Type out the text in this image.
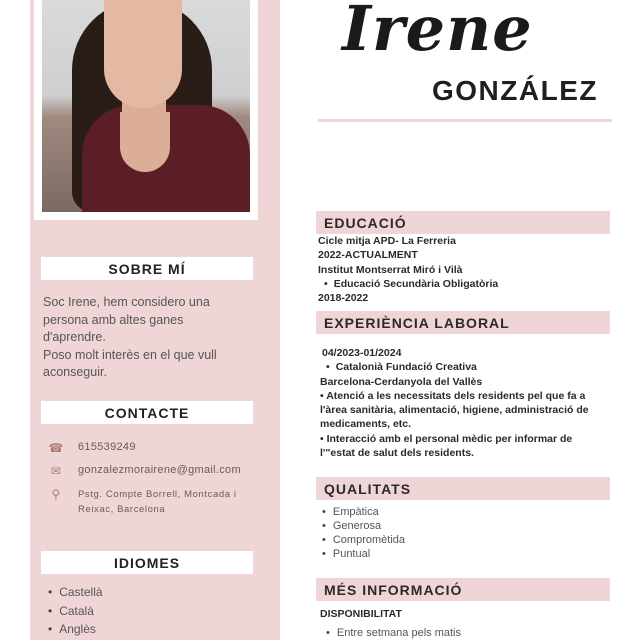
SOBRE MÍ
Soc Irene, hem considero una
persona amb altes ganes
d'aprendre.
Poso molt interès en el que vull
aconseguir.
CONTACTE
☎ 615539249
✉ gonzalezmorairene@gmail.com
⚲	Pstg. Compte Borrell, Montcada i
Reixac, Barcelona
IDIOMES
• Castellà
• Català
• Anglès
Irene
GONZÁLEZ
EDUCACIÓ
Cicle mitja APD- La Ferreria
2022-ACTUALMENT
Institut Montserrat Miró i Vilà
• Educació Secundària Obligatòria
2018-2022
EXPERIÈNCIA LABORAL
04/2023-01/2024
• Catalonià Fundació Creativa
Barcelona-Cerdanyola del Vallès
• Atenció a les necessitats dels residents pel que fa a
l'àrea sanitària, alimentació, higiene, administració de
medicaments, etc.
• Interacció amb el personal mèdic per informar de
l'"estat de salut dels residents.
QUALITATS
• Empàtica
• Generosa
• Compromètida
• Puntual
MÉS INFORMACIÓ
DISPONIBILITAT
• Entre setmana pels matis
